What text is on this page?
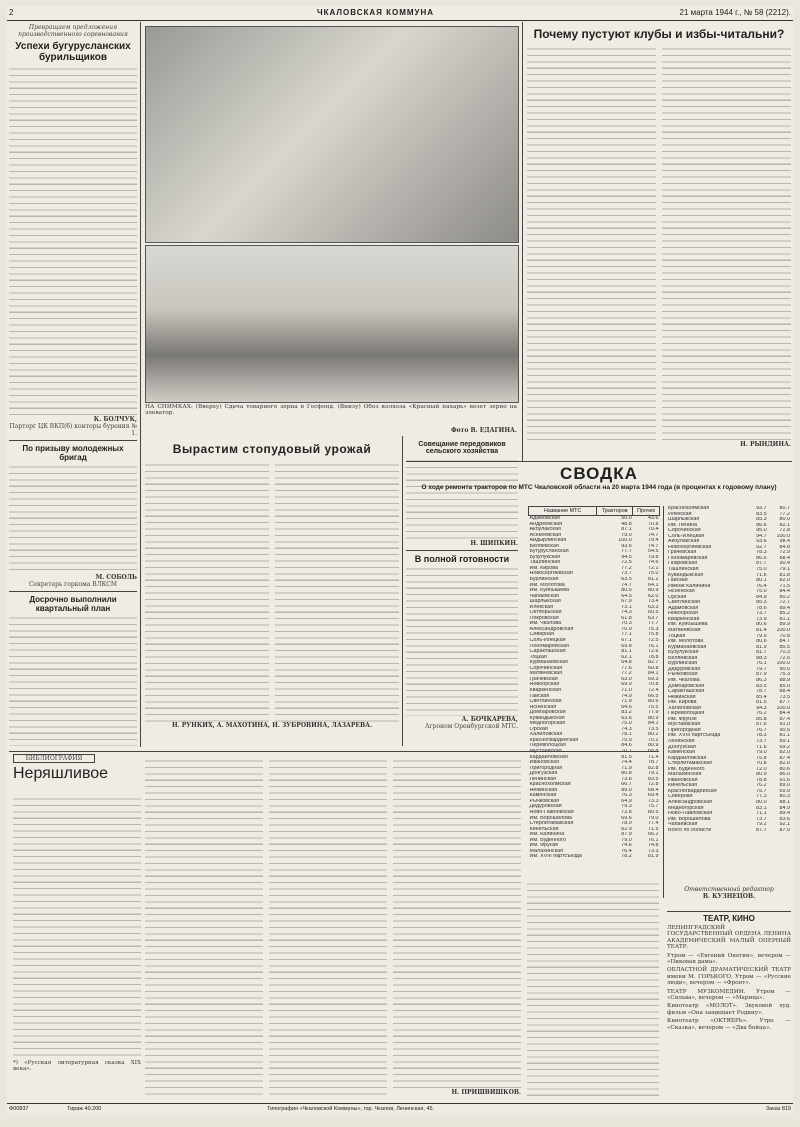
2	ЧКАЛОВСКАЯ КОММУНА	21 марта 1944 г., № 58 (2212).
Превращаем предложения производственного соревнования
Успехи бугурусланских бурильщиков
К. БОЛЧУК,
Парторг ЦК ВКП(б) конторы бурения № 1.
По призыву молодежных бригад
М. СОБОЛЬ
Секретарь горкома ВЛКСМ
Досрочно выполнили квартальный план
НА СНИМКАХ: (Вверху) Сдача товарного зерна в Госфонд. (Внизу) Обоз колхоза «Красный пахарь» везет зерно на элеватор.
Фото В. ЕДАГИНА.
Вырастим стопудовый урожай
Н. РУНКИХ, А. МАХОТИНА, Н. ЗУБРОВИНА, ЛАЗАРЕВА.
Совещание передовиков сельского хозяйства
Н. ШИПКИН.
В полной готовности
А. БОЧКАРЕВА,
Агроном Оренбургской МТС.
Почему пустуют клубы и избы-читальни?
Н. РЫНДИНА.
СВОДКА
О ходе ремонта тракторов по МТС Чкаловской области на 20 марта 1944 года (в процентах к годовому плану)
Название МТС	Тракторов	Прочих
Адамовская	50.0	43.6
Андреевская	48.8	70.8
Акбулакская	87.1	70.4
Асекеевская	79.0	74.7
Айдырлинская	100.0	79.4
Беляевская	93.6	74.7
Бугурусланская	77.7	54.5
Бузулукская	94.5	79.8
Ташлинская	72.5	74.6
Им. Кирова	77.2	72.1
Новосергиевская	73.7	75.0
Бурлинская	63.5	81.2
Им. Молотова	74.7	64.1
Им. Куйбышева	80.5	80.9
Чапаевская	64.5	62.0
Шарлыкская	67.9	73.4
Илекская	73.1	63.3
Октябрьская	74.3	60.5
Покровская	61.8	63.7
Им. Чкалова	70.3	77.7
Александровская	70.9	75.3
Северная	77.1	75.8
Соль-Илецкая	67.1	72.5
Пономаревская	69.8	76.1
Саракташская	81.1	72.6
Тоцкая	62.1	78.8
Курманаевская	64.8	82.7
Сорочинская	77.6	60.8
Матвеевская	77.2	84.1
Грачевская	63.0	69.3
Новоорская	69.9	70.8
Кваркенская	71.0	72.4
Гайская	74.9	66.5
Светлинская	71.9	80.6
Ясненская	64.6	75.5
Домбаровская	83.2	77.9
Кувандыкская	63.6	80.9
Медногорская	75.0	84.1
Орская	74.3	73.5
Халиловская	78.1	80.2
Красногвардейская	75.9	70.2
Переволоцкая	84.6	80.9

Кардаиловская	81.5	71.4
Ивановская	74.4	78.7
Пригородная	71.9	82.8
Донгузская	80.8	79.1
Ленинская	73.8	83.5
Краснохолмская	66.7	72.8
Нежинская	89.0	68.4
Каменская	76.3	69.4
Рычковская	64.9	73.3
Дедуровская	79.3	75.7
Ново-Павловская	72.8	80.5
Им. Ворошилова	69.6	79.0
Стерлитамакская	78.9	77.4
Кинельская	62.9	71.5
Им. Калинина	87.9	66.2
Им. Буденного	79.0	76.1
Им. Фрунзе	74.6	74.8
Малахинская	76.4	73.3
Им. XVIII партсъезда	78.2	81.9
Краснохолмская	93.7	80.7
Илекская	83.5	77.2
Шарлыкская	85.3	80.0
Им. Ленина	86.6	82.1
Сорочинская	95.0	72.8
Соль-Илецкая	94.7	100.0
Акбулакская	93.6	98.4
Новосергиевская	92.7	84.8
Грачевская	78.3	72.9
Пономаревская	86.6	88.4
Покровская	87.7	90.4
Ташлинская	75.0	79.1
Кувандыкская	71.6	81.8
Гайская	80.1	82.0
Имени Калинина	76.4	71.5
Ясненская	75.0	84.4
Орская	84.9	80.2
Светлинская	85.3	72.7
Адамовская	78.6	89.4
Новоорская	73.7	85.2
Кваркенская	73.9	81.1
Им. Куйбышева	80.6	89.9
Матвеевская	81.4	100.0
Тоцкая	79.9	70.8
Им. Молотова	80.6	84.7
Курманаевская	81.9	85.5
Бузулукская	81.7	70.3
Беляевская	88.3	72.5
Бурлинская	76.1	100.0
Дедуровская	79.7	90.0
Рычковская	87.9	75.3
Им. Чкалова	86.3	88.9
Домбаровская	83.5	85.0
Саракташская	78.7	88.4
Нежинская	85.4	73.5
Им. Кирова	81.5	87.7
Халиловская	94.3	100.0
Переволоцкая	76.2	84.4
Им. Фрунзе	85.8	87.4
Мустаевская	87.6	91.0
Пригородная	76.7	90.5
Им. XVIII партсъезда	78.3	81.1
Ленинская	73.7	89.1
Донгузская	71.6	69.2
Каменская	79.0	82.0
Кардаиловская	75.8	87.4
Стерлитамакская	70.8	82.0
Им. Буденного	72.0	80.6
Малахинская	80.9	86.0
Ивановская	78.8	91.6
Кинельская	76.2	89.0
Красногвардейская	75.7	69.9
Северная	77.3	80.3
Александровская	80.0	88.1
Медногорская	83.1	84.9
Ново-Павловская	71.1	89.4
Им. Ворошилова	73.7	83.6
Чапаевская	79.2	92.1
Всего по области	87.7	87.0
Ответственный редактор
В. КУЗНЕЦОВ.
БИБЛИОГРАФИЯ
Неряшливое
*) «Русская литературная сказка XIX века».
Н. ПРИШВИШКОВ.
ТЕАТР, КИНО
ЛЕНИНГРАДСКИЙ ГОСУДАРСТВЕННЫЙ ОРДЕНА ЛЕНИНА АКАДЕМИЧЕСКИЙ МАЛЫЙ ОПЕРНЫЙ ТЕАТР.
Утром — «Евгений Онегин», вечером — «Пиковая дама».
ОБЛАСТНОЙ ДРАМАТИЧЕСКИЙ ТЕАТР имени М. ГОРЬКОГО. Утром — «Русские люди», вечером — «Фронт».
ТЕАТР МУЗКОМЕДИИ. Утром — «Сильва», вечером — «Марица».
Кинотеатр «МОЛОТ». Звуковой худ. фильм «Она защищает Родину».
Кинотеатр «ОКТЯБРЬ». Утро — «Сказка», вечером — «Два бойца».
Ф00837	Тираж 40.200	Типография «Чкаловской Коммуны», гор. Чкалов, Ленинская, 45.	Заказ 819
